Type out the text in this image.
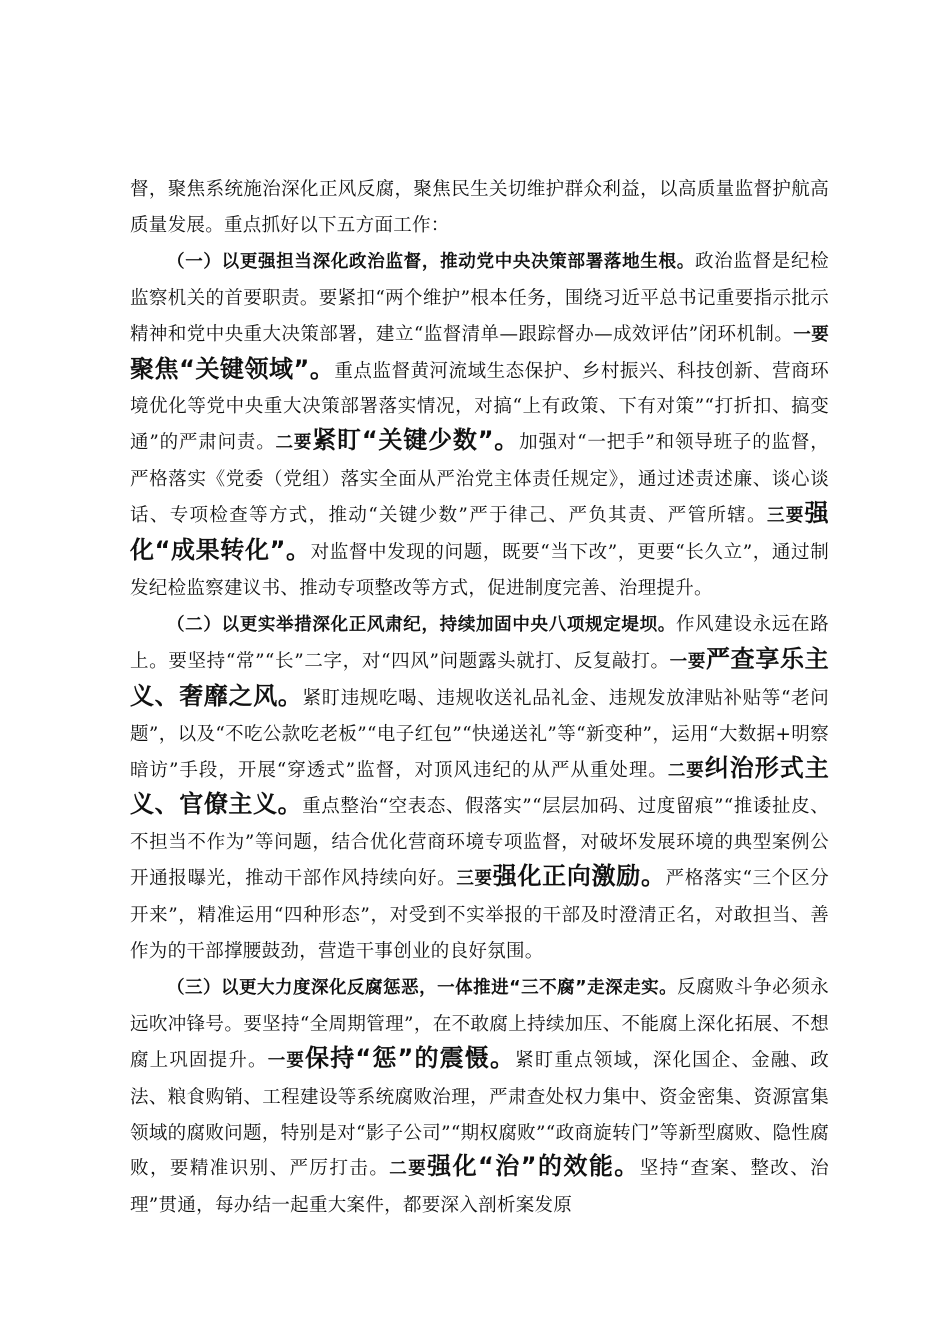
督，聚焦系统施治深化正风反腐，聚焦民生关切维护群众利益，以高质量监督护航高质量发展。重点抓好以下五方面工作：

（一）以更强担当深化政治监督，推动党中央决策部署落地生根。政治监督是纪检监察机关的首要职责。要紧扣“两个维护”根本任务，围绕习近平总书记重要指示批示精神和党中央重大决策部署，建立“监督清单—跟踪督办—成效评估”闭环机制。一要聚焦“关键领域”。重点监督黄河流域生态保护、乡村振兴、科技创新、营商环境优化等党中央重大决策部署落实情况，对搞“上有政策、下有对策”“打折扣、搞变通”的严肃问责。二要紧盯“关键少数”。加强对“一把手”和领导班子的监督，严格落实《党委（党组）落实全面从严治党主体责任规定》，通过述责述廉、谈心谈话、专项检查等方式，推动“关键少数”严于律己、严负其责、严管所辖。三要强化“成果转化”。对监督中发现的问题，既要“当下改”，更要“长久立”，通过制发纪检监察建议书、推动专项整改等方式，促进制度完善、治理提升。

（二）以更实举措深化正风肃纪，持续加固中央八项规定堤坝。作风建设永远在路上。要坚持“常”“长”二字，对“四风”问题露头就打、反复敲打。一要严查享乐主义、奢靡之风。紧盯违规吃喝、违规收送礼品礼金、违规发放津贴补贴等“老问题”，以及“不吃公款吃老板”“电子红包”“快递送礼”等“新变种”，运用“大数据+明察暗访”手段，开展“穿透式”监督，对顶风违纪的从严从重处理。二要纠治形式主义、官僚主义。重点整治“空表态、假落实”“层层加码、过度留痕”“推诿扯皮、不担当不作为”等问题，结合优化营商环境专项监督，对破坏发展环境的典型案例公开通报曝光，推动干部作风持续向好。三要强化正向激励。严格落实“三个区分开来”，精准运用“四种形态”，对受到不实举报的干部及时澄清正名，对敢担当、善作为的干部撑腰鼓劲，营造干事创业的良好氛围。

（三）以更大力度深化反腐惩恶，一体推进“三不腐”走深走实。反腐败斗争必须永远吹冲锋号。要坚持“全周期管理”，在不敢腐上持续加压、不能腐上深化拓展、不想腐上巩固提升。一要保持“惩”的震慑。紧盯重点领域，深化国企、金融、政法、粮食购销、工程建设等系统腐败治理，严肃查处权力集中、资金密集、资源富集领域的腐败问题，特别是对“影子公司”“期权腐败”“政商旋转门”等新型腐败、隐性腐败，要精准识别、严厉打击。二要强化“治”的效能。坚持“查案、整改、治理”贯通，每办结一起重大案件，都要深入剖析案发原
